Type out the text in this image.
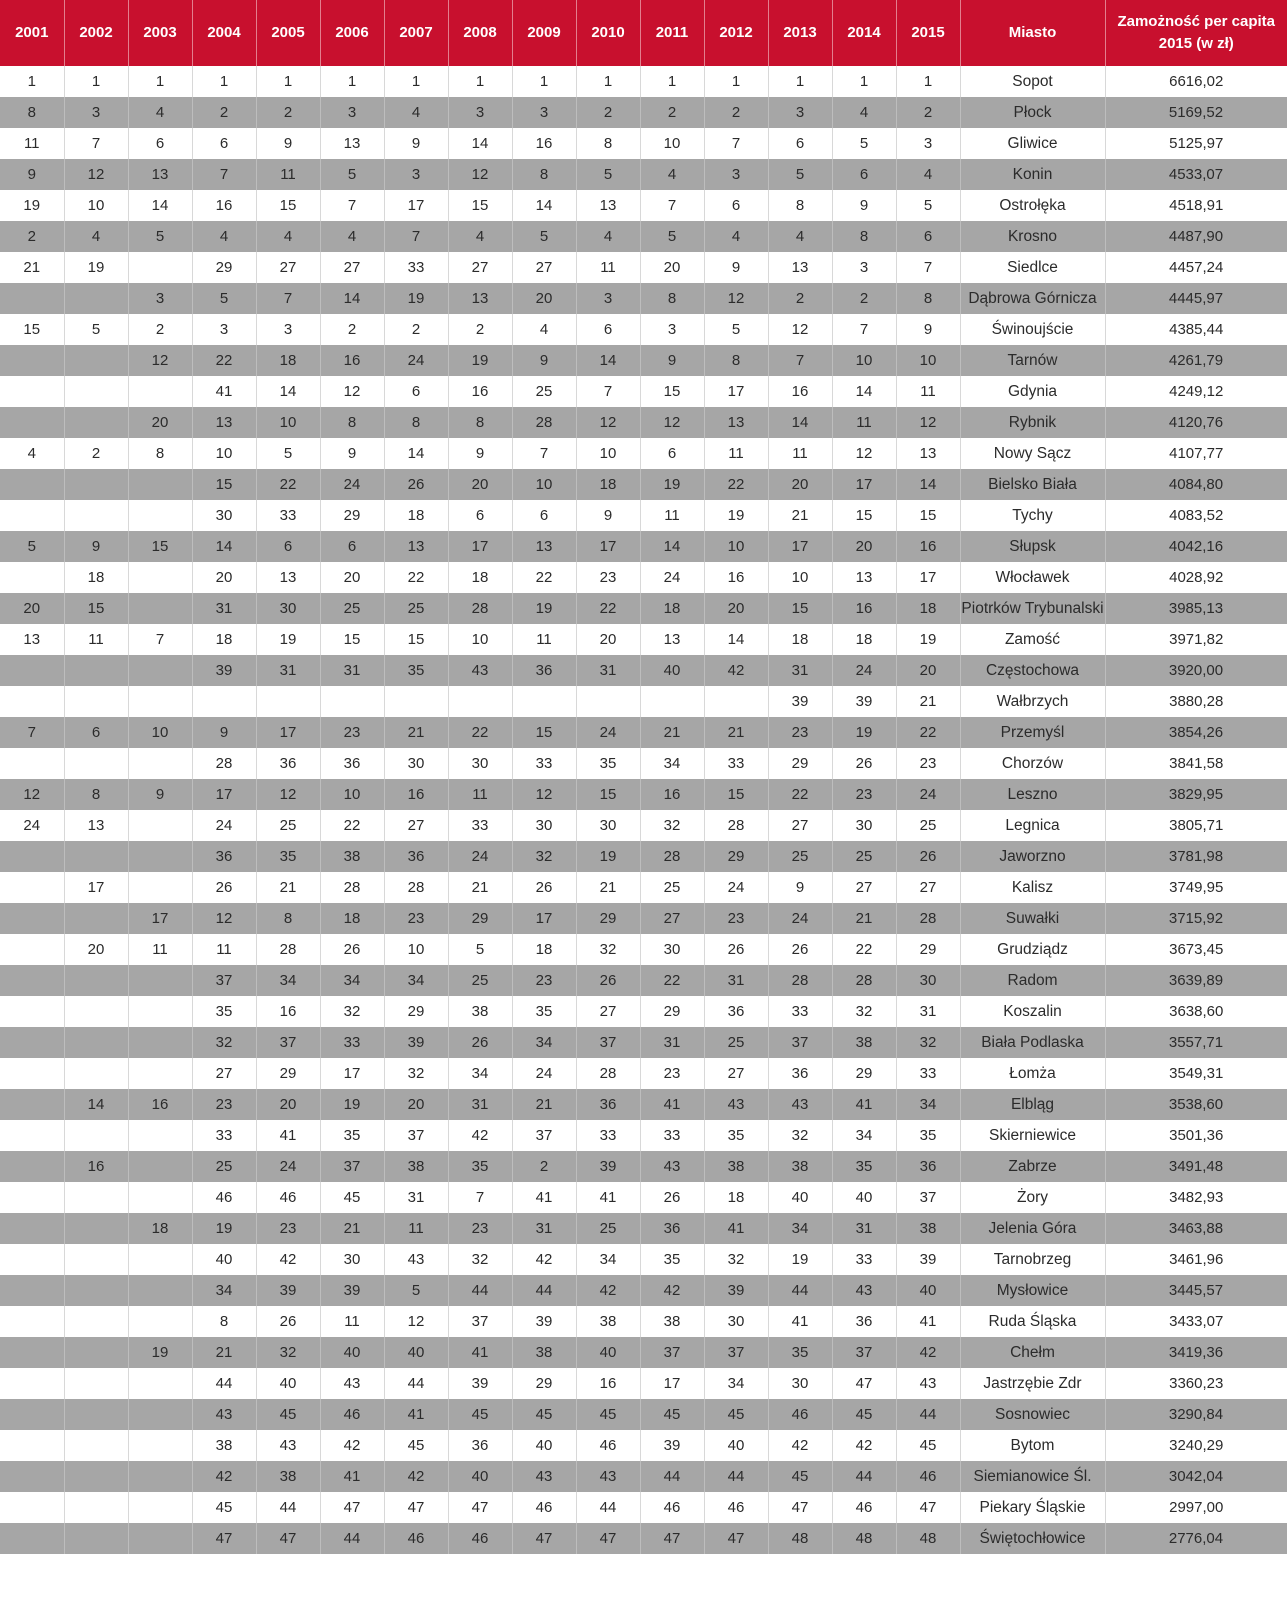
2001	2002	2003	2004	2005	2006	2007	2008	2009	2010	2011	2012	2013	2014	2015	Miasto	Zamożność per capita 2015 (w zł)
1	1	1	1	1	1	1	1	1	1	1	1	1	1	1	Sopot	6616,02
8	3	4	2	2	3	4	3	3	2	2	2	3	4	2	Płock	5169,52
11	7	6	6	9	13	9	14	16	8	10	7	6	5	3	Gliwice	5125,97
9	12	13	7	11	5	3	12	8	5	4	3	5	6	4	Konin	4533,07
19	10	14	16	15	7	17	15	14	13	7	6	8	9	5	Ostrołęka	4518,91
2	4	5	4	4	4	7	4	5	4	5	4	4	8	6	Krosno	4487,90
21	19		29	27	27	33	27	27	11	20	9	13	3	7	Siedlce	4457,24
		3	5	7	14	19	13	20	3	8	12	2	2	8	Dąbrowa Górnicza	4445,97
15	5	2	3	3	2	2	2	4	6	3	5	12	7	9	Świnoujście	4385,44
		12	22	18	16	24	19	9	14	9	8	7	10	10	Tarnów	4261,79
			41	14	12	6	16	25	7	15	17	16	14	11	Gdynia	4249,12
		20	13	10	8	8	8	28	12	12	13	14	11	12	Rybnik	4120,76
4	2	8	10	5	9	14	9	7	10	6	11	11	12	13	Nowy Sącz	4107,77
			15	22	24	26	20	10	18	19	22	20	17	14	Bielsko Biała	4084,80
			30	33	29	18	6	6	9	11	19	21	15	15	Tychy	4083,52
5	9	15	14	6	6	13	17	13	17	14	10	17	20	16	Słupsk	4042,16
	18		20	13	20	22	18	22	23	24	16	10	13	17	Włocławek	4028,92
20	15		31	30	25	25	28	19	22	18	20	15	16	18	Piotrków Trybunalski	3985,13
13	11	7	18	19	15	15	10	11	20	13	14	18	18	19	Zamość	3971,82
			39	31	31	35	43	36	31	40	42	31	24	20	Częstochowa	3920,00
												39	39	21	Wałbrzych	3880,28
7	6	10	9	17	23	21	22	15	24	21	21	23	19	22	Przemyśl	3854,26
			28	36	36	30	30	33	35	34	33	29	26	23	Chorzów	3841,58
12	8	9	17	12	10	16	11	12	15	16	15	22	23	24	Leszno	3829,95
24	13		24	25	22	27	33	30	30	32	28	27	30	25	Legnica	3805,71
			36	35	38	36	24	32	19	28	29	25	25	26	Jaworzno	3781,98
	17		26	21	28	28	21	26	21	25	24	9	27	27	Kalisz	3749,95
		17	12	8	18	23	29	17	29	27	23	24	21	28	Suwałki	3715,92
	20	11	11	28	26	10	5	18	32	30	26	26	22	29	Grudziądz	3673,45
			37	34	34	34	25	23	26	22	31	28	28	30	Radom	3639,89
			35	16	32	29	38	35	27	29	36	33	32	31	Koszalin	3638,60
			32	37	33	39	26	34	37	31	25	37	38	32	Biała Podlaska	3557,71
			27	29	17	32	34	24	28	23	27	36	29	33	Łomża	3549,31
	14	16	23	20	19	20	31	21	36	41	43	43	41	34	Elbląg	3538,60
			33	41	35	37	42	37	33	33	35	32	34	35	Skierniewice	3501,36
	16		25	24	37	38	35	2	39	43	38	38	35	36	Zabrze	3491,48
			46	46	45	31	7	41	41	26	18	40	40	37	Żory	3482,93
		18	19	23	21	11	23	31	25	36	41	34	31	38	Jelenia Góra	3463,88
			40	42	30	43	32	42	34	35	32	19	33	39	Tarnobrzeg	3461,96
			34	39	39	5	44	44	42	42	39	44	43	40	Mysłowice	3445,57
			8	26	11	12	37	39	38	38	30	41	36	41	Ruda Śląska	3433,07
		19	21	32	40	40	41	38	40	37	37	35	37	42	Chełm	3419,36
			44	40	43	44	39	29	16	17	34	30	47	43	Jastrzębie Zdr	3360,23
			43	45	46	41	45	45	45	45	45	46	45	44	Sosnowiec	3290,84
			38	43	42	45	36	40	46	39	40	42	42	45	Bytom	3240,29
			42	38	41	42	40	43	43	44	44	45	44	46	Siemianowice Śl.	3042,04
			45	44	47	47	47	46	44	46	46	47	46	47	Piekary Śląskie	2997,00
			47	47	44	46	46	47	47	47	47	48	48	48	Świętochłowice	2776,04
